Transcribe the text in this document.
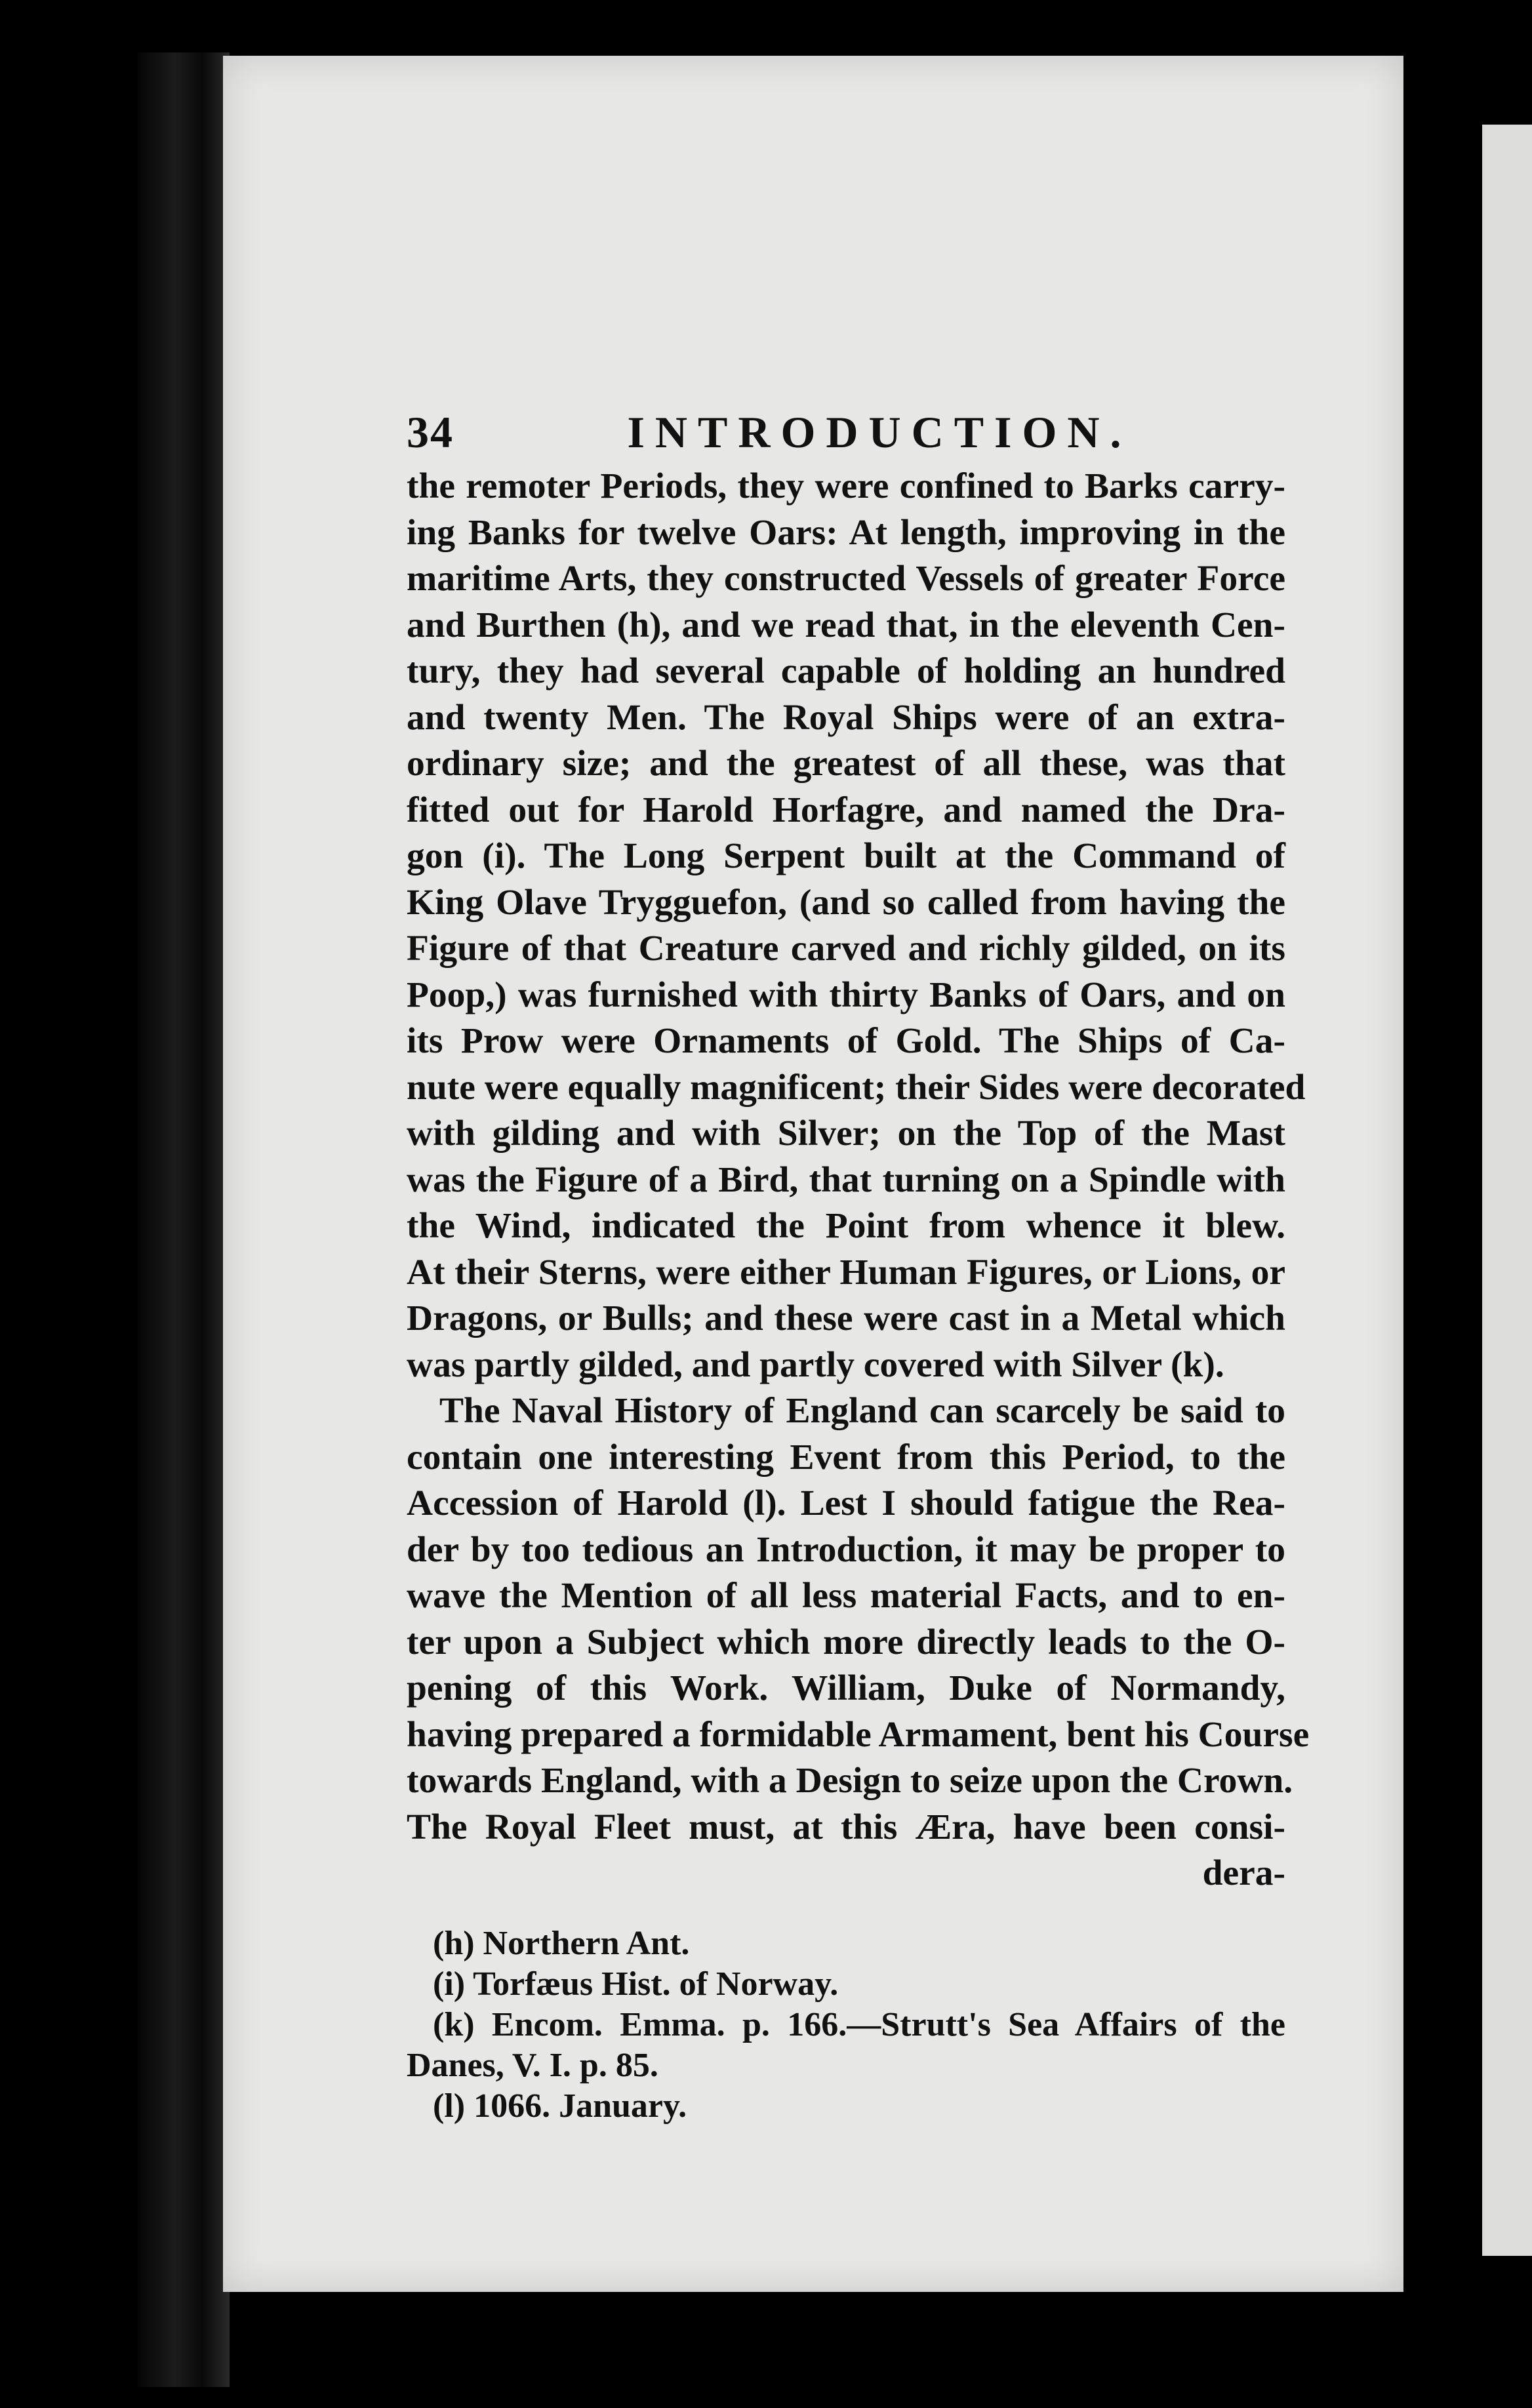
34	INTRODUCTION.
the remoter Periods, they were confined to Barks carry-
ing Banks for twelve Oars: At length, improving in the
maritime Arts, they constructed Vessels of greater Force
and Burthen (h), and we read that, in the eleventh Cen-
tury, they had several capable of holding an hundred
and twenty Men. The Royal Ships were of an extra-
ordinary size; and the greatest of all these, was that
fitted out for Harold Horfagre, and named the Dra-
gon (i). The Long Serpent built at the Command of
King Olave Trygguefon, (and so called from having the
Figure of that Creature carved and richly gilded, on its
Poop,) was furnished with thirty Banks of Oars, and on
its Prow were Ornaments of Gold. The Ships of Ca-
nute were equally magnificent; their Sides were decorated
with gilding and with Silver; on the Top of the Mast
was the Figure of a Bird, that turning on a Spindle with
the Wind, indicated the Point from whence it blew.
At their Sterns, were either Human Figures, or Lions, or
Dragons, or Bulls; and these were cast in a Metal which
was partly gilded, and partly covered with Silver (k).
The Naval History of England can scarcely be said to
contain one interesting Event from this Period, to the
Accession of Harold (l). Lest I should fatigue the Rea-
der by too tedious an Introduction, it may be proper to
wave the Mention of all less material Facts, and to en-
ter upon a Subject which more directly leads to the O-
pening of this Work. William, Duke of Normandy,
having prepared a formidable Armament, bent his Course
towards England, with a Design to seize upon the Crown.
The Royal Fleet must, at this Æra, have been consi-
dera-
(h) Northern Ant.
(i) Torfæus Hist. of Norway.
(k) Encom. Emma. p. 166.—Strutt's Sea Affairs of the
Danes, V. I. p. 85.
(l) 1066. January.
